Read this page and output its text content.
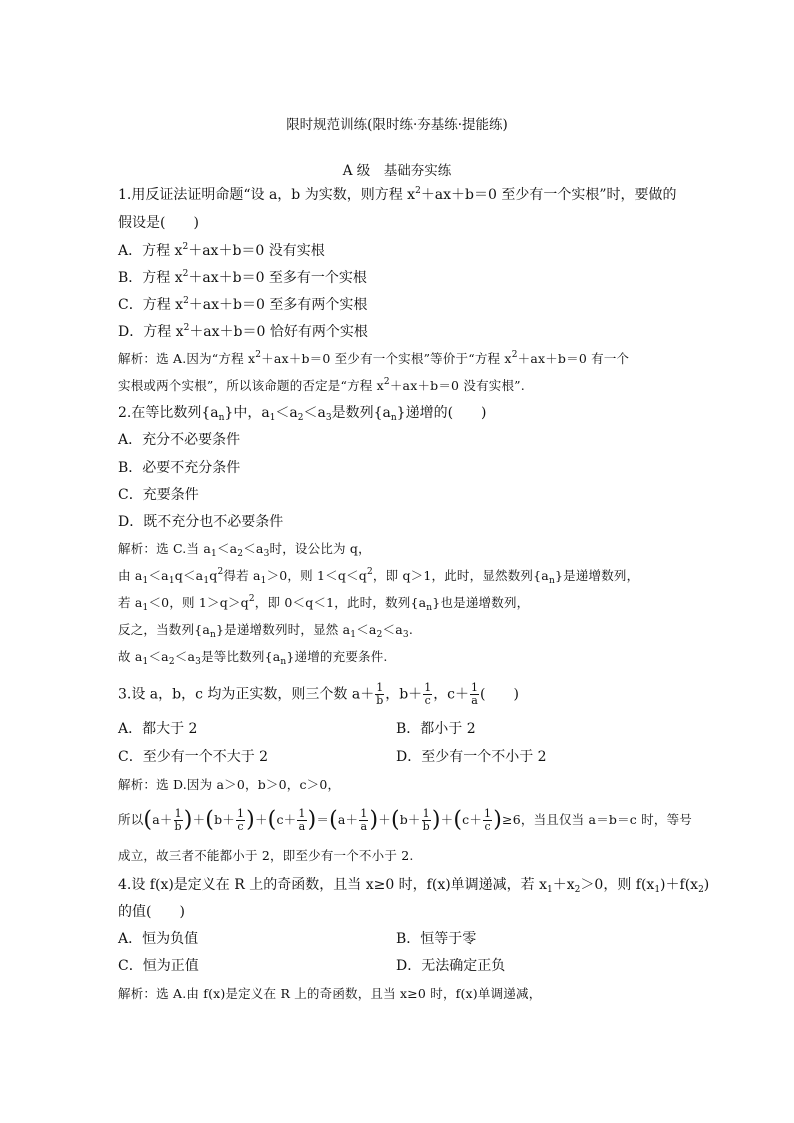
限时规范训练(限时练·夯基练·提能练)
A 级　基础夯实练
1.用反证法证明命题“设 a，b 为实数，则方程 $x^2+ax+b=0$ 至少有一个实根”时，要做的
假设是(　　)
A．方程 $x^2+ax+b=0$ 没有实根
B．方程 $x^2+ax+b=0$ 至多有一个实根
C．方程 $x^2+ax+b=0$ 至多有两个实根
D．方程 $x^2+ax+b=0$ 恰好有两个实根
解析：选 A.因为“方程 $x^2+ax+b=0$ 至少有一个实根”等价于“方程 $x^2+ax+b=0$ 有一个
实根或两个实根”，所以该命题的否定是“方程 $x^2+ax+b=0$ 没有实根”.
2.在等比数列$\{a_n\}$中，$a_1<a_2<a_3$是数列$\{a_n\}$递增的(　　)
A．充分不必要条件
B．必要不充分条件
C．充要条件
D．既不充分也不必要条件
解析：选 C.当 $a_1<a_2<a_3$时，设公比为 q，
由 $a_1<a_1q<a_1q^2$得若 $a_1>0$，则 $1<q<q^2$，即 q＞1，此时，显然数列$\{a_n\}$是递增数列，
若 $a_1<0$，则 $1>q>q^2$，即 0＜q＜1，此时，数列$\{a_n\}$也是递增数列，
反之，当数列$\{a_n\}$是递增数列时，显然 $a_1<a_2<a_3$.
故 $a_1<a_2<a_3$是等比数列$\{a_n\}$递增的充要条件.
3.设 a，b，c 均为正实数，则三个数 $a+ \frac{1}{b}$ ，$b+ \frac{1}{c}$ ，$c+ \frac{1}{a}$ (　　)
A．都大于 2	B．都小于 2
C．至少有一个不大于 2	D．至少有一个不小于 2
解析：选 D.因为 a＞0，b＞0，c＞0，
所以$(a+ \frac{1}{b} )+(b+ \frac{1}{c} )+(c+ \frac{1}{a} )=(a+ \frac{1}{a} )+(b+ \frac{1}{b} )+(c+ \frac{1}{c} )\ge 6$，当且仅当 a＝b＝c 时，等号
成立，故三者不能都小于 2，即至少有一个不小于 2.
4.设 f(x)是定义在 R 上的奇函数，且当 x≥0 时，f(x)单调递减，若 $x_1+x_2>0$，则 $f(x_1)+f(x_2)$
的值(　　)
A．恒为负值	B．恒等于零
C．恒为正值	D．无法确定正负
解析：选 A.由 f(x)是定义在 R 上的奇函数，且当 x≥0 时，f(x)单调递减，
